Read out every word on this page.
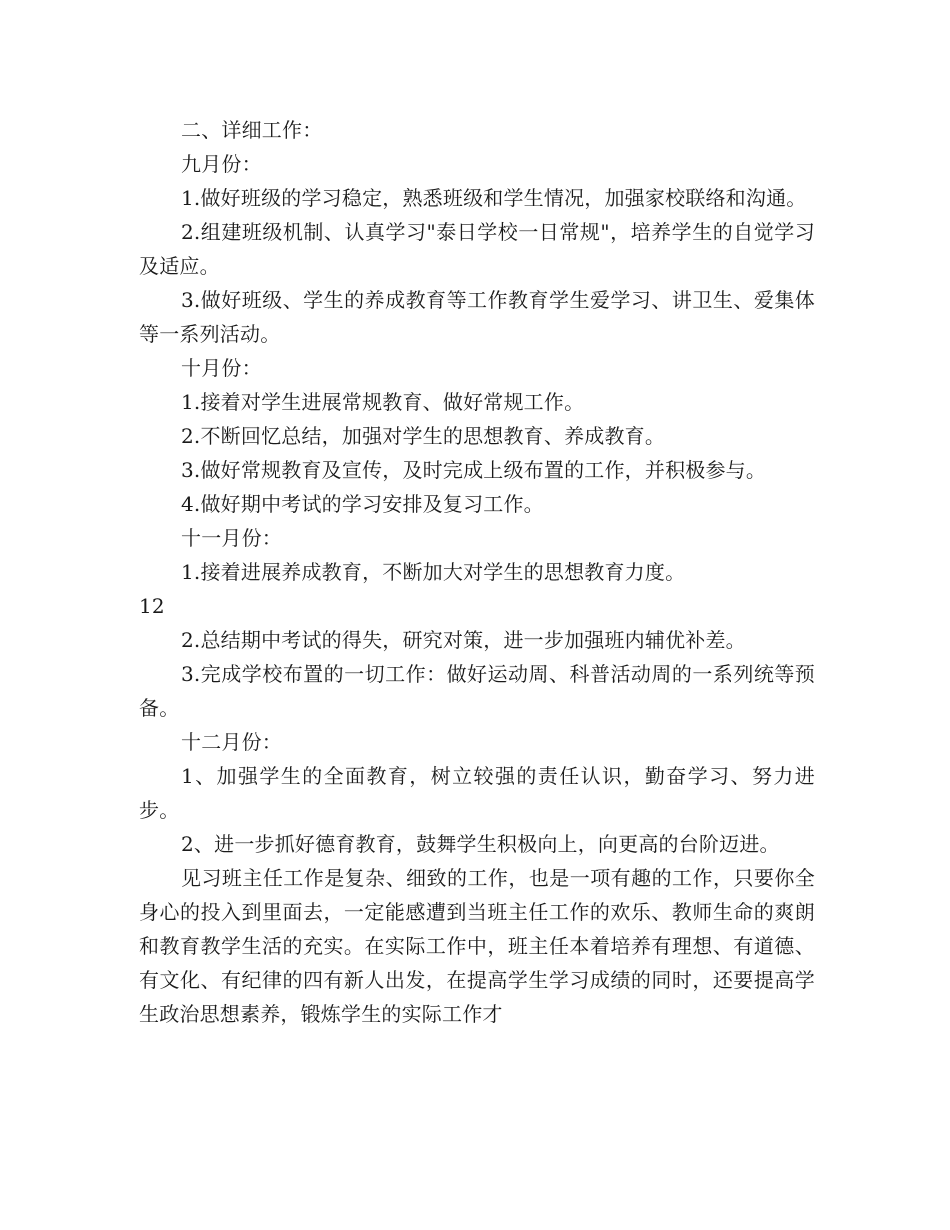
二、详细工作：

九月份：

1.做好班级的学习稳定，熟悉班级和学生情况，加强家校联络和沟通。

2.组建班级机制、认真学习"泰日学校一日常规"，培养学生的自觉学习及适应。

3.做好班级、学生的养成教育等工作教育学生爱学习、讲卫生、爱集体等一系列活动。

十月份：

1.接着对学生进展常规教育、做好常规工作。

2.不断回忆总结，加强对学生的思想教育、养成教育。

3.做好常规教育及宣传，及时完成上级布置的工作，并积极参与。

4.做好期中考试的学习安排及复习工作。

十一月份：

1.接着进展养成教育，不断加大对学生的思想教育力度。

12

2.总结期中考试的得失，研究对策，进一步加强班内辅优补差。

3.完成学校布置的一切工作：做好运动周、科普活动周的一系列统等预备。

十二月份：

1、加强学生的全面教育，树立较强的责任认识，勤奋学习、努力进步。

2、进一步抓好德育教育，鼓舞学生积极向上，向更高的台阶迈进。

见习班主任工作是复杂、细致的工作，也是一项有趣的工作，只要你全身心的投入到里面去，一定能感遭到当班主任工作的欢乐、教师生命的爽朗和教育教学生活的充实。在实际工作中，班主任本着培养有理想、有道德、有文化、有纪律的四有新人出发，在提高学生学习成绩的同时，还要提高学生政治思想素养，锻炼学生的实际工作才
